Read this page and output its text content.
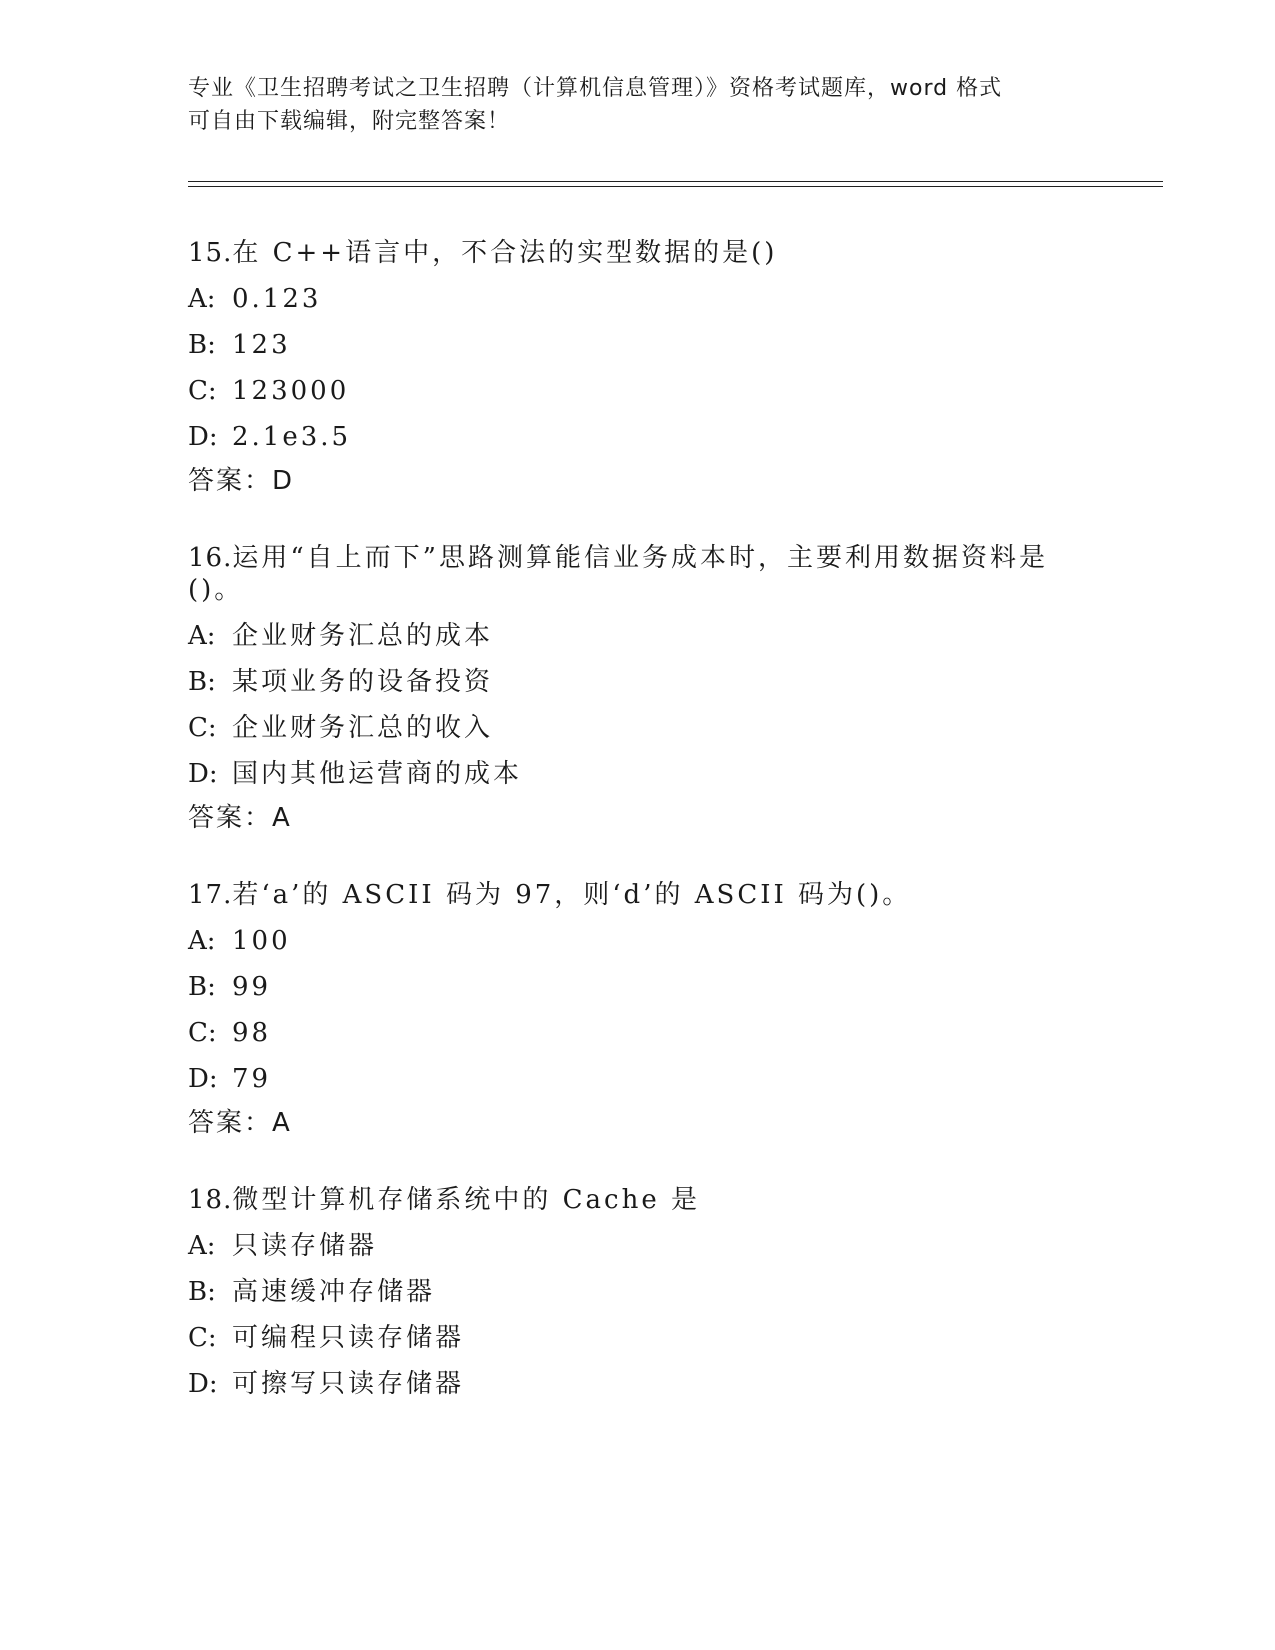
专业《卫生招聘考试之卫生招聘（计算机信息管理）》资格考试题库，word 格式
可自由下载编辑，附完整答案！
15.在 C++语言中，不合法的实型数据的是()
A: 0.123
B: 123
C: 123000
D: 2.1e3.5
答案：D
16.运用“自上而下”思路测算能信业务成本时，主要利用数据资料是()。
A: 企业财务汇总的成本
B: 某项业务的设备投资
C: 企业财务汇总的收入
D: 国内其他运营商的成本
答案：A
17.若‘a’的 ASCII 码为 97，则‘d’的 ASCII 码为()。
A: 100
B: 99
C: 98
D: 79
答案：A
18.微型计算机存储系统中的 Cache 是
A: 只读存储器
B: 高速缓冲存储器
C: 可编程只读存储器
D: 可擦写只读存储器
